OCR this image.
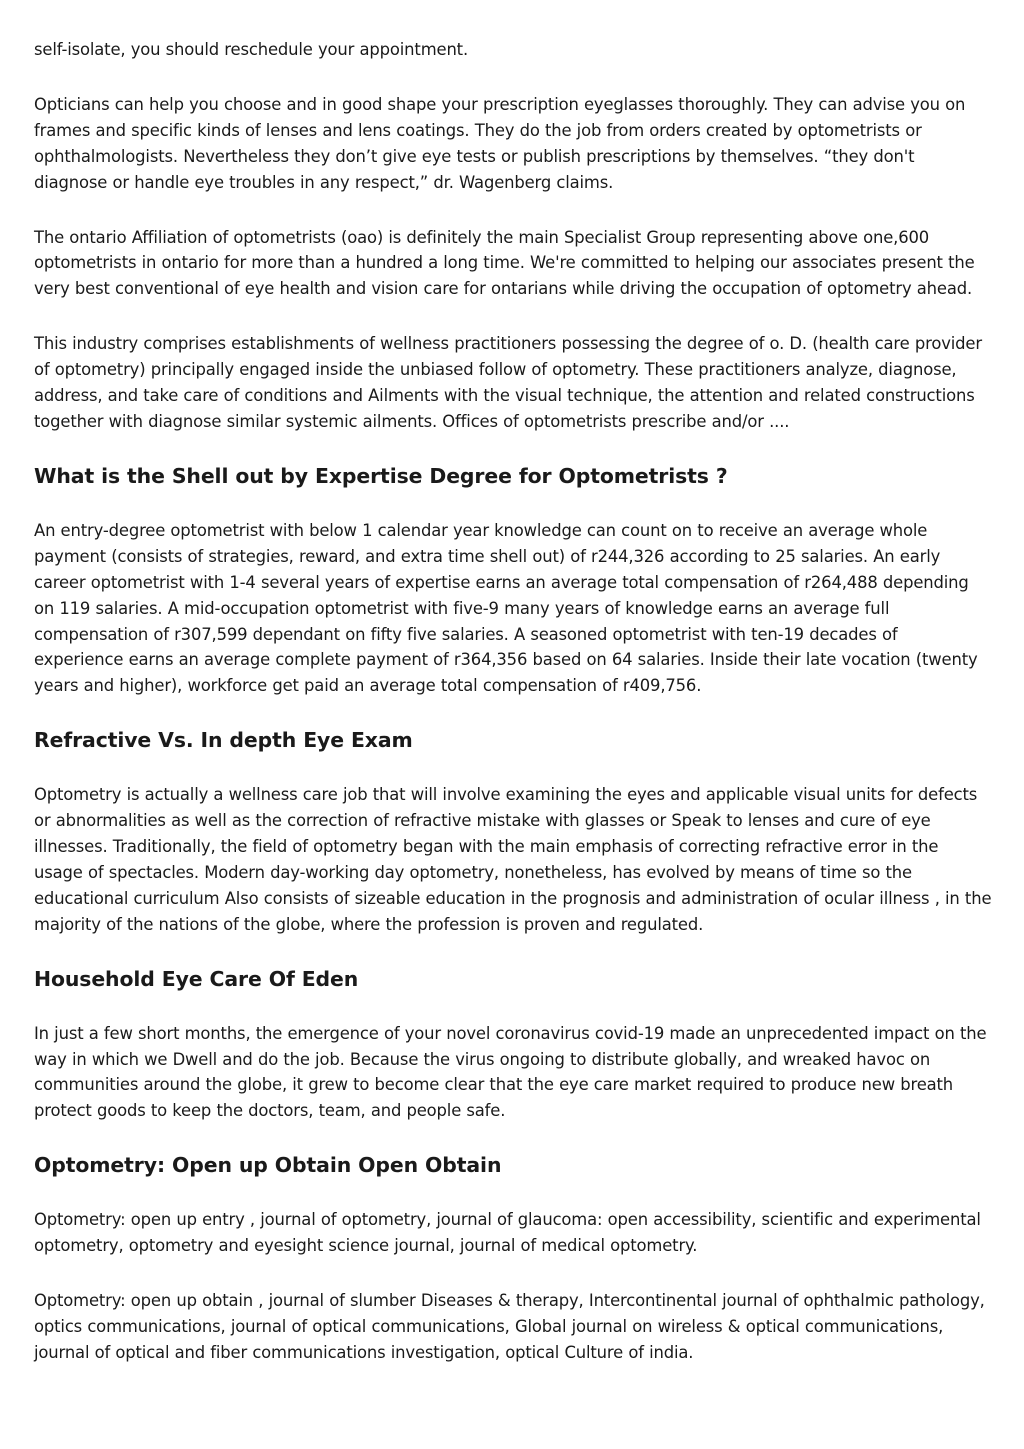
self-isolate, you should reschedule your appointment.

Opticians can help you choose and in good shape your prescription eyeglasses thoroughly. They can advise you on frames and specific kinds of lenses and lens coatings. They do the job from orders created by optometrists or ophthalmologists. Nevertheless they don’t give eye tests or publish prescriptions by themselves. “they don't diagnose or handle eye troubles in any respect,” dr. Wagenberg claims.

The ontario Affiliation of optometrists (oao) is definitely the main Specialist Group representing above one,600 optometrists in ontario for more than a hundred a long time. We're committed to helping our associates present the very best conventional of eye health and vision care for ontarians while driving the occupation of optometry ahead.

This industry comprises establishments of wellness practitioners possessing the degree of o. D. (health care provider of optometry) principally engaged inside the unbiased follow of optometry. These practitioners analyze, diagnose, address, and take care of conditions and Ailments with the visual technique, the attention and related constructions together with diagnose similar systemic ailments. Offices of optometrists prescribe and/or ....

What is the Shell out by Expertise Degree for Optometrists ?

An entry-degree optometrist with below 1 calendar year knowledge can count on to receive an average whole payment (consists of strategies, reward, and extra time shell out) of r244,326 according to 25 salaries. An early career optometrist with 1-4 several years of expertise earns an average total compensation of r264,488 depending on 119 salaries. A mid-occupation optometrist with five-9 many years of knowledge earns an average full compensation of r307,599 dependant on fifty five salaries. A seasoned optometrist with ten-19 decades of experience earns an average complete payment of r364,356 based on 64 salaries. Inside their late vocation (twenty years and higher), workforce get paid an average total compensation of r409,756.

Refractive Vs. In depth Eye Exam

Optometry is actually a wellness care job that will involve examining the eyes and applicable visual units for defects or abnormalities as well as the correction of refractive mistake with glasses or Speak to lenses and cure of eye illnesses. Traditionally, the field of optometry began with the main emphasis of correcting refractive error in the usage of spectacles. Modern day-working day optometry, nonetheless, has evolved by means of time so the educational curriculum Also consists of sizeable education in the prognosis and administration of ocular illness , in the majority of the nations of the globe, where the profession is proven and regulated.

Household Eye Care Of Eden

In just a few short months, the emergence of your novel coronavirus covid-19 made an unprecedented impact on the way in which we Dwell and do the job. Because the virus ongoing to distribute globally, and wreaked havoc on communities around the globe, it grew to become clear that the eye care market required to produce new breath protect goods to keep the doctors, team, and people safe.

Optometry: Open up Obtain Open Obtain

Optometry: open up entry , journal of optometry, journal of glaucoma: open accessibility, scientific and experimental optometry, optometry and eyesight science journal, journal of medical optometry.

Optometry: open up obtain , journal of slumber Diseases & therapy, Intercontinental journal of ophthalmic pathology, optics communications, journal of optical communications, Global journal on wireless & optical communications, journal of optical and fiber communications investigation, optical Culture of india.
